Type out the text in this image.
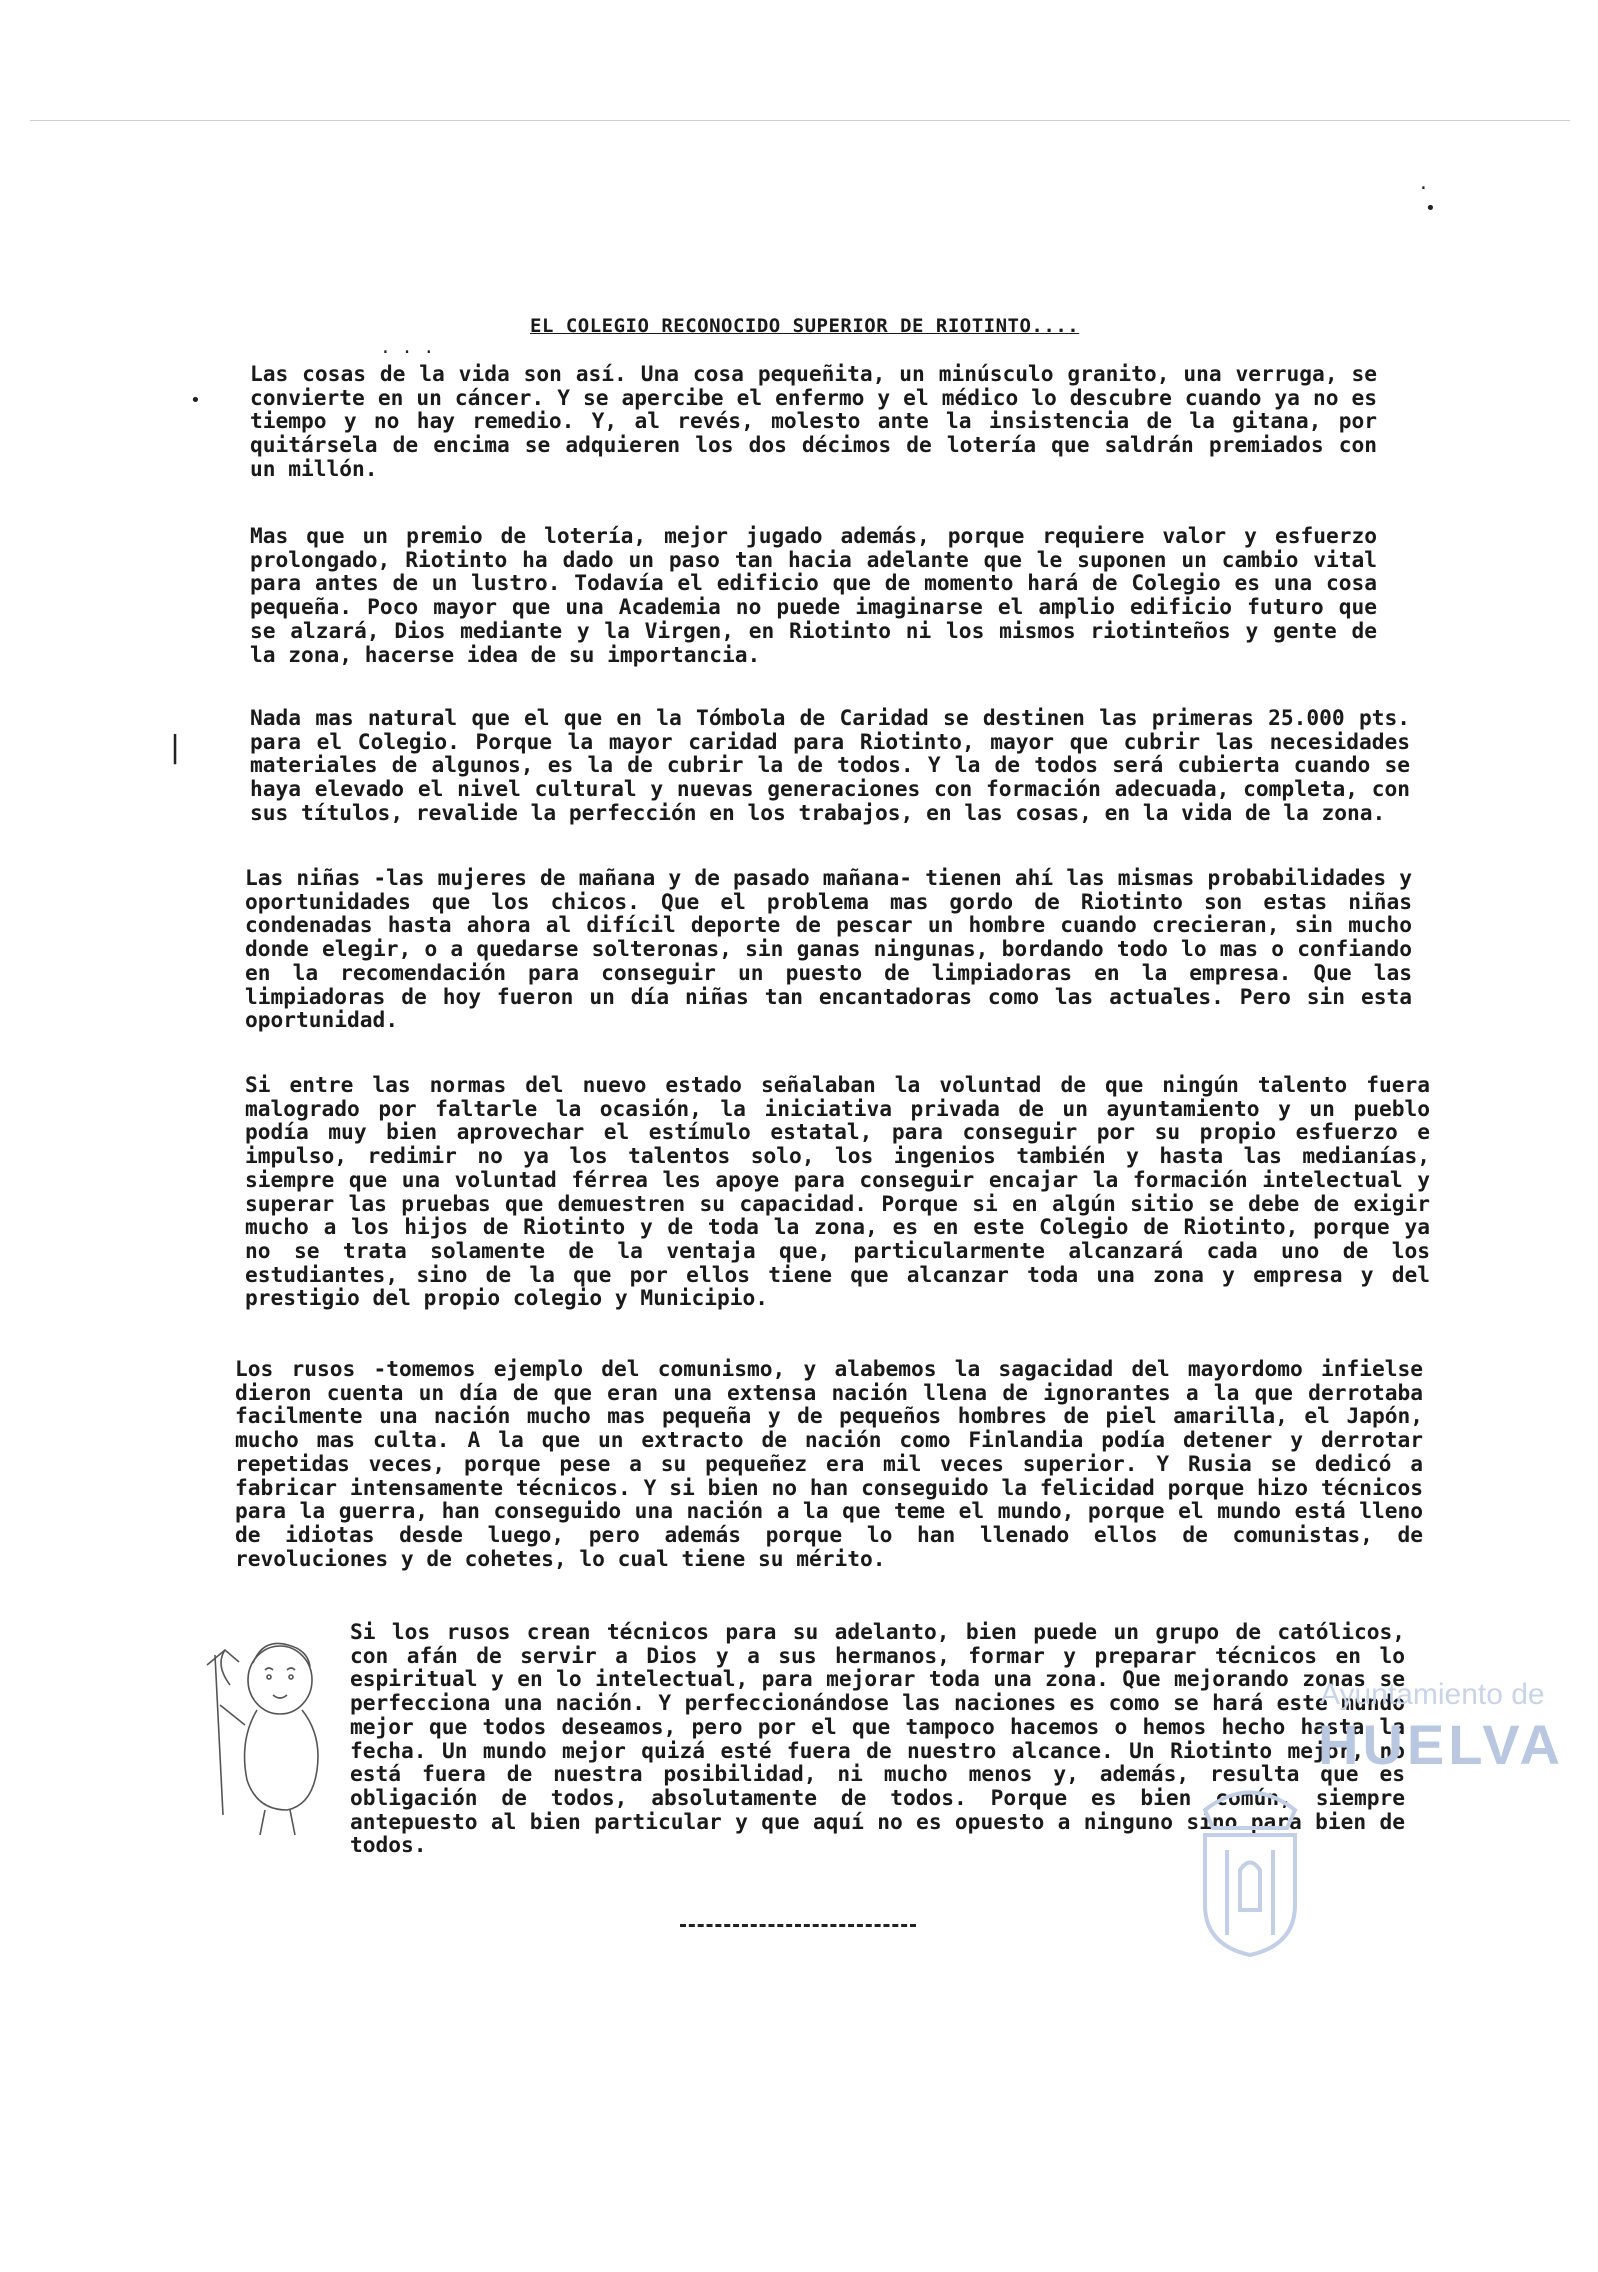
·
•
· · ·
•
|
EL COLEGIO RECONOCIDO SUPERIOR DE RIOTINTO....

Las cosas de la vida son así. Una cosa pequeñita, un minúsculo granito, una verruga, se convierte en un cáncer. Y se apercibe el enfermo y el médico lo descubre cuando ya no es tiempo y no hay remedio. Y, al revés, molesto ante la insistencia de la gitana, por quitársela de encima se adquieren los dos décimos de lotería que saldrán premiados con un millón.

Mas que un premio de lotería, mejor jugado además, porque requiere valor y esfuerzo prolongado, Riotinto ha dado un paso tan hacia adelante que le suponen un cambio vital para antes de un lustro. Todavía el edificio que de momento hará de Colegio es una cosa pequeña. Poco mayor que una Academia no puede imaginarse el amplio edificio futuro que se alzará, Dios mediante y la Virgen, en Riotinto ni los mismos riotinteños y gente de la zona, hacerse idea de su importancia.

Nada mas natural que el que en la Tómbola de Caridad se destinen las primeras 25.000 pts. para el Colegio. Porque la mayor caridad para Riotinto, mayor que cubrir las necesidades materiales de algunos, es la de cubrir la de todos. Y la de todos será cubierta cuando se haya elevado el nivel cultural y nuevas generaciones con formación adecuada, completa, con sus títulos, revalide la perfección en los trabajos, en las cosas, en la vida de la zona.

Las niñas -las mujeres de mañana y de pasado mañana- tienen ahí las mismas probabilidades y oportunidades que los chicos. Que el problema mas gordo de Riotinto son estas niñas condenadas hasta ahora al difícil deporte de pescar un hombre cuando crecieran, sin mucho donde elegir, o a quedarse solteronas, sin ganas ningunas, bordando todo lo mas o confiando en la recomendación para conseguir un puesto de limpiadoras en la empresa. Que las limpiadoras de hoy fueron un día niñas tan encantadoras como las actuales. Pero sin esta oportunidad.

Si entre las normas del nuevo estado señalaban la voluntad de que ningún talento fuera malogrado por faltarle la ocasión, la iniciativa privada de un ayuntamiento y un pueblo podía muy bien aprovechar el estímulo estatal, para conseguir por su propio esfuerzo e impulso, redimir no ya los talentos solo, los ingenios también y hasta las medianías, siempre que una voluntad férrea les apoye para conseguir encajar la formación intelectual y superar las pruebas que demuestren su capacidad. Porque si en algún sitio se debe de exigir mucho a los hijos de Riotinto y de toda la zona, es en este Colegio de Riotinto, porque ya no se trata solamente de la ventaja que, particularmente alcanzará cada uno de los estudiantes, sino de la que por ellos tiene que alcanzar toda una zona y empresa y del prestigio del propio colegio y Municipio.

Los rusos -tomemos ejemplo del comunismo, y alabemos la sagacidad del mayordomo infielse dieron cuenta un día de que eran una extensa nación llena de ignorantes a la que derrotaba facilmente una nación mucho mas pequeña y de pequeños hombres de piel amarilla, el Japón, mucho mas culta. A la que un extracto de nación como Finlandia podía detener y derrotar repetidas veces, porque pese a su pequeñez era mil veces superior. Y Rusia se dedicó a fabricar intensamente técnicos. Y si bien no han conseguido la felicidad porque hizo técnicos para la guerra, han conseguido una nación a la que teme el mundo, porque el mundo está lleno de idiotas desde luego, pero además porque lo han llenado ellos de comunistas, de revoluciones y de cohetes, lo cual tiene su mérito.

Si los rusos crean técnicos para su adelanto, bien puede un grupo de católicos, con afán de servir a Dios y a sus hermanos, formar y preparar técnicos en lo espiritual y en lo intelectual, para mejorar toda una zona. Que mejorando zonas se perfecciona una nación. Y perfeccionándose las naciones es como se hará este mundo mejor que todos deseamos, pero por el que tampoco hacemos o hemos hecho hasta la fecha. Un mundo mejor quizá esté fuera de nuestro alcance. Un Riotinto mejor, no está fuera de nuestra posibilidad, ni mucho menos y, además, resulta que es obligación de todos, absolutamente de todos. Porque es bien común, siempre antepuesto al bien particular y que aquí no es opuesto a ninguno sino para bien de todos.

Ayuntamiento de
HUELVA
